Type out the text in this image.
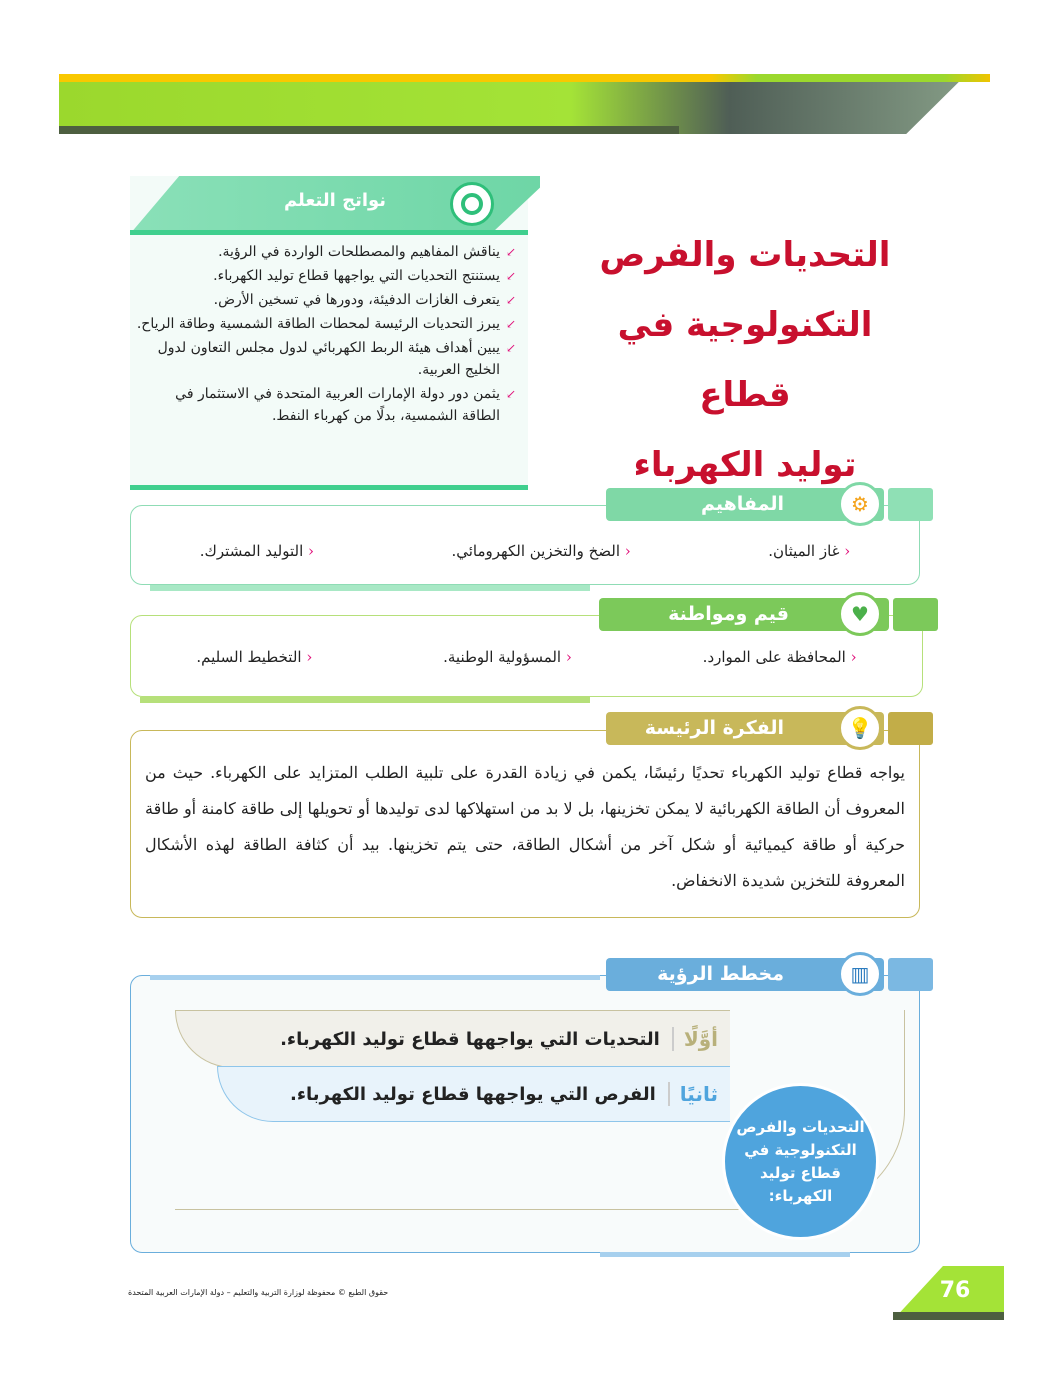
التحديات والفرص
التكنولوجية في قطاع
توليد الكهرباء
نواتج التعلم
↙ يناقش المفاهيم والمصطلحات الواردة في الرؤية.
↙ يستنتج التحديات التي يواجهها قطاع توليد الكهرباء.
↙ يتعرف الغازات الدفيئة، ودورها في تسخين الأرض.
↙ يبرز التحديات الرئيسة لمحطات الطاقة الشمسية وطاقة الرياح.
↙ يبين أهداف هيئة الربط الكهربائي لدول مجلس التعاون لدول الخليج العربية.
↙ يثمن دور دولة الإمارات العربية المتحدة في الاستثمار في الطاقة الشمسية، بدلًا من كهرباء النفط.
‹ غاز الميثان.
‹ الضخ والتخزين الكهرومائي.
‹ التوليد المشترك.
المفاهيم والمصطلحات
⚙
‹ المحافظة على الموارد.
‹ المسؤولية الوطنية.
‹ التخطيط السليم.
قيم ومواطنة	♥

يواجه قطاع توليد الكهرباء تحديًا رئيسًا، يكمن في زيادة القدرة على تلبية الطلب المتزايد على الكهرباء. حيث من المعروف أن الطاقة الكهربائية لا يمكن تخزينها، بل لا بد من استهلاكها لدى توليدها أو تحويلها إلى طاقة كامنة أو طاقة حركية أو طاقة كيميائية أو شكل آخر من أشكال الطاقة، حتى يتم تخزينها. بيد أن كثافة الطاقة لهذه الأشكال المعروفة للتخزين شديدة الانخفاض.

الفكرة الرئيسة	💡
مخطط الرؤية	▥
أوَّلًا
التحديات التي يواجهها قطاع توليد الكهرباء.
ثانيًا
الفرص التي يواجهها قطاع توليد الكهرباء.
التحديات والفرص التكنولوجية في قطاع توليد الكهرباء:
حقوق الطبع © محفوظة لوزارة التربية والتعليم – دولة الإمارات العربية المتحدة	76
